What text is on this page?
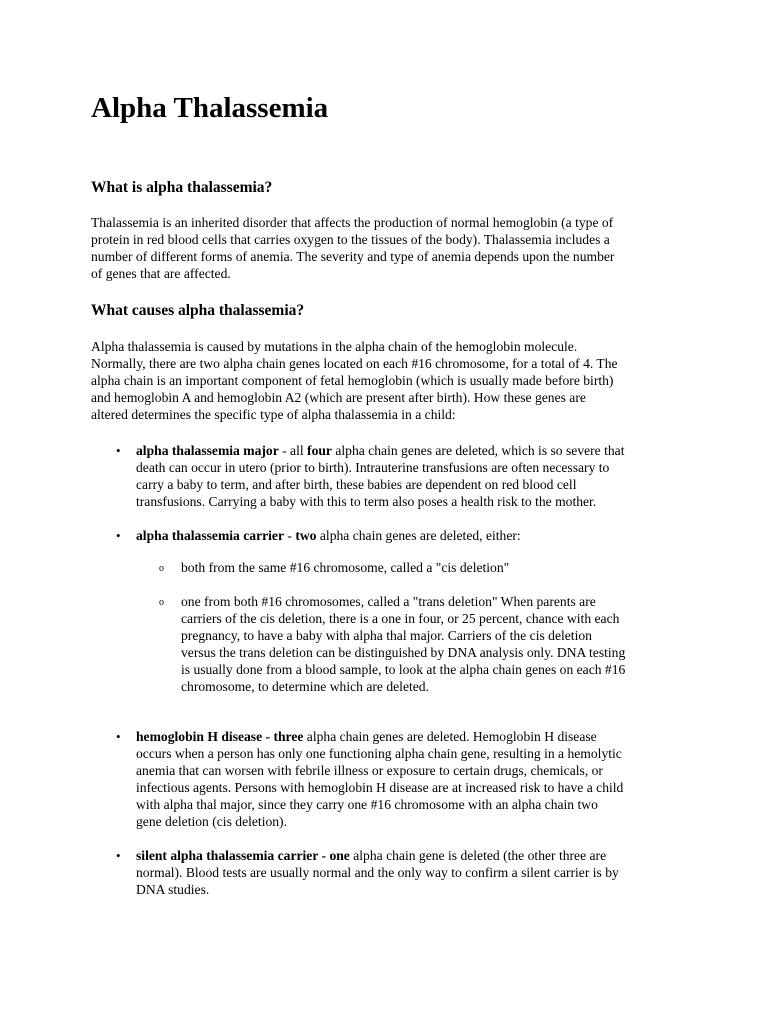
Alpha Thalassemia
What is alpha thalassemia?

Thalassemia is an inherited disorder that affects the production of normal hemoglobin (a type of
protein in red blood cells that carries oxygen to the tissues of the body). Thalassemia includes a
number of different forms of anemia. The severity and type of anemia depends upon the number
of genes that are affected.

What causes alpha thalassemia?

Alpha thalassemia is caused by mutations in the alpha chain of the hemoglobin molecule.
Normally, there are two alpha chain genes located on each #16 chromosome, for a total of 4. The
alpha chain is an important component of fetal hemoglobin (which is usually made before birth)
and hemoglobin A and hemoglobin A2 (which are present after birth). How these genes are
altered determines the specific type of alpha thalassemia in a child:

• alpha thalassemia major - all four alpha chain genes are deleted, which is so severe that
death can occur in utero (prior to birth). Intrauterine transfusions are often necessary to
carry a baby to term, and after birth, these babies are dependent on red blood cell
transfusions. Carrying a baby with this to term also poses a health risk to the mother.
• alpha thalassemia carrier - two alpha chain genes are deleted, either:
o both from the same #16 chromosome, called a "cis deletion"
o one from both #16 chromosomes, called a "trans deletion" When parents are
carriers of the cis deletion, there is a one in four, or 25 percent, chance with each
pregnancy, to have a baby with alpha thal major. Carriers of the cis deletion
versus the trans deletion can be distinguished by DNA analysis only. DNA testing
is usually done from a blood sample, to look at the alpha chain genes on each #16
chromosome, to determine which are deleted.
• hemoglobin H disease - three alpha chain genes are deleted. Hemoglobin H disease
occurs when a person has only one functioning alpha chain gene, resulting in a hemolytic
anemia that can worsen with febrile illness or exposure to certain drugs, chemicals, or
infectious agents. Persons with hemoglobin H disease are at increased risk to have a child
with alpha thal major, since they carry one #16 chromosome with an alpha chain two
gene deletion (cis deletion).
• silent alpha thalassemia carrier - one alpha chain gene is deleted (the other three are
normal). Blood tests are usually normal and the only way to confirm a silent carrier is by
DNA studies.
